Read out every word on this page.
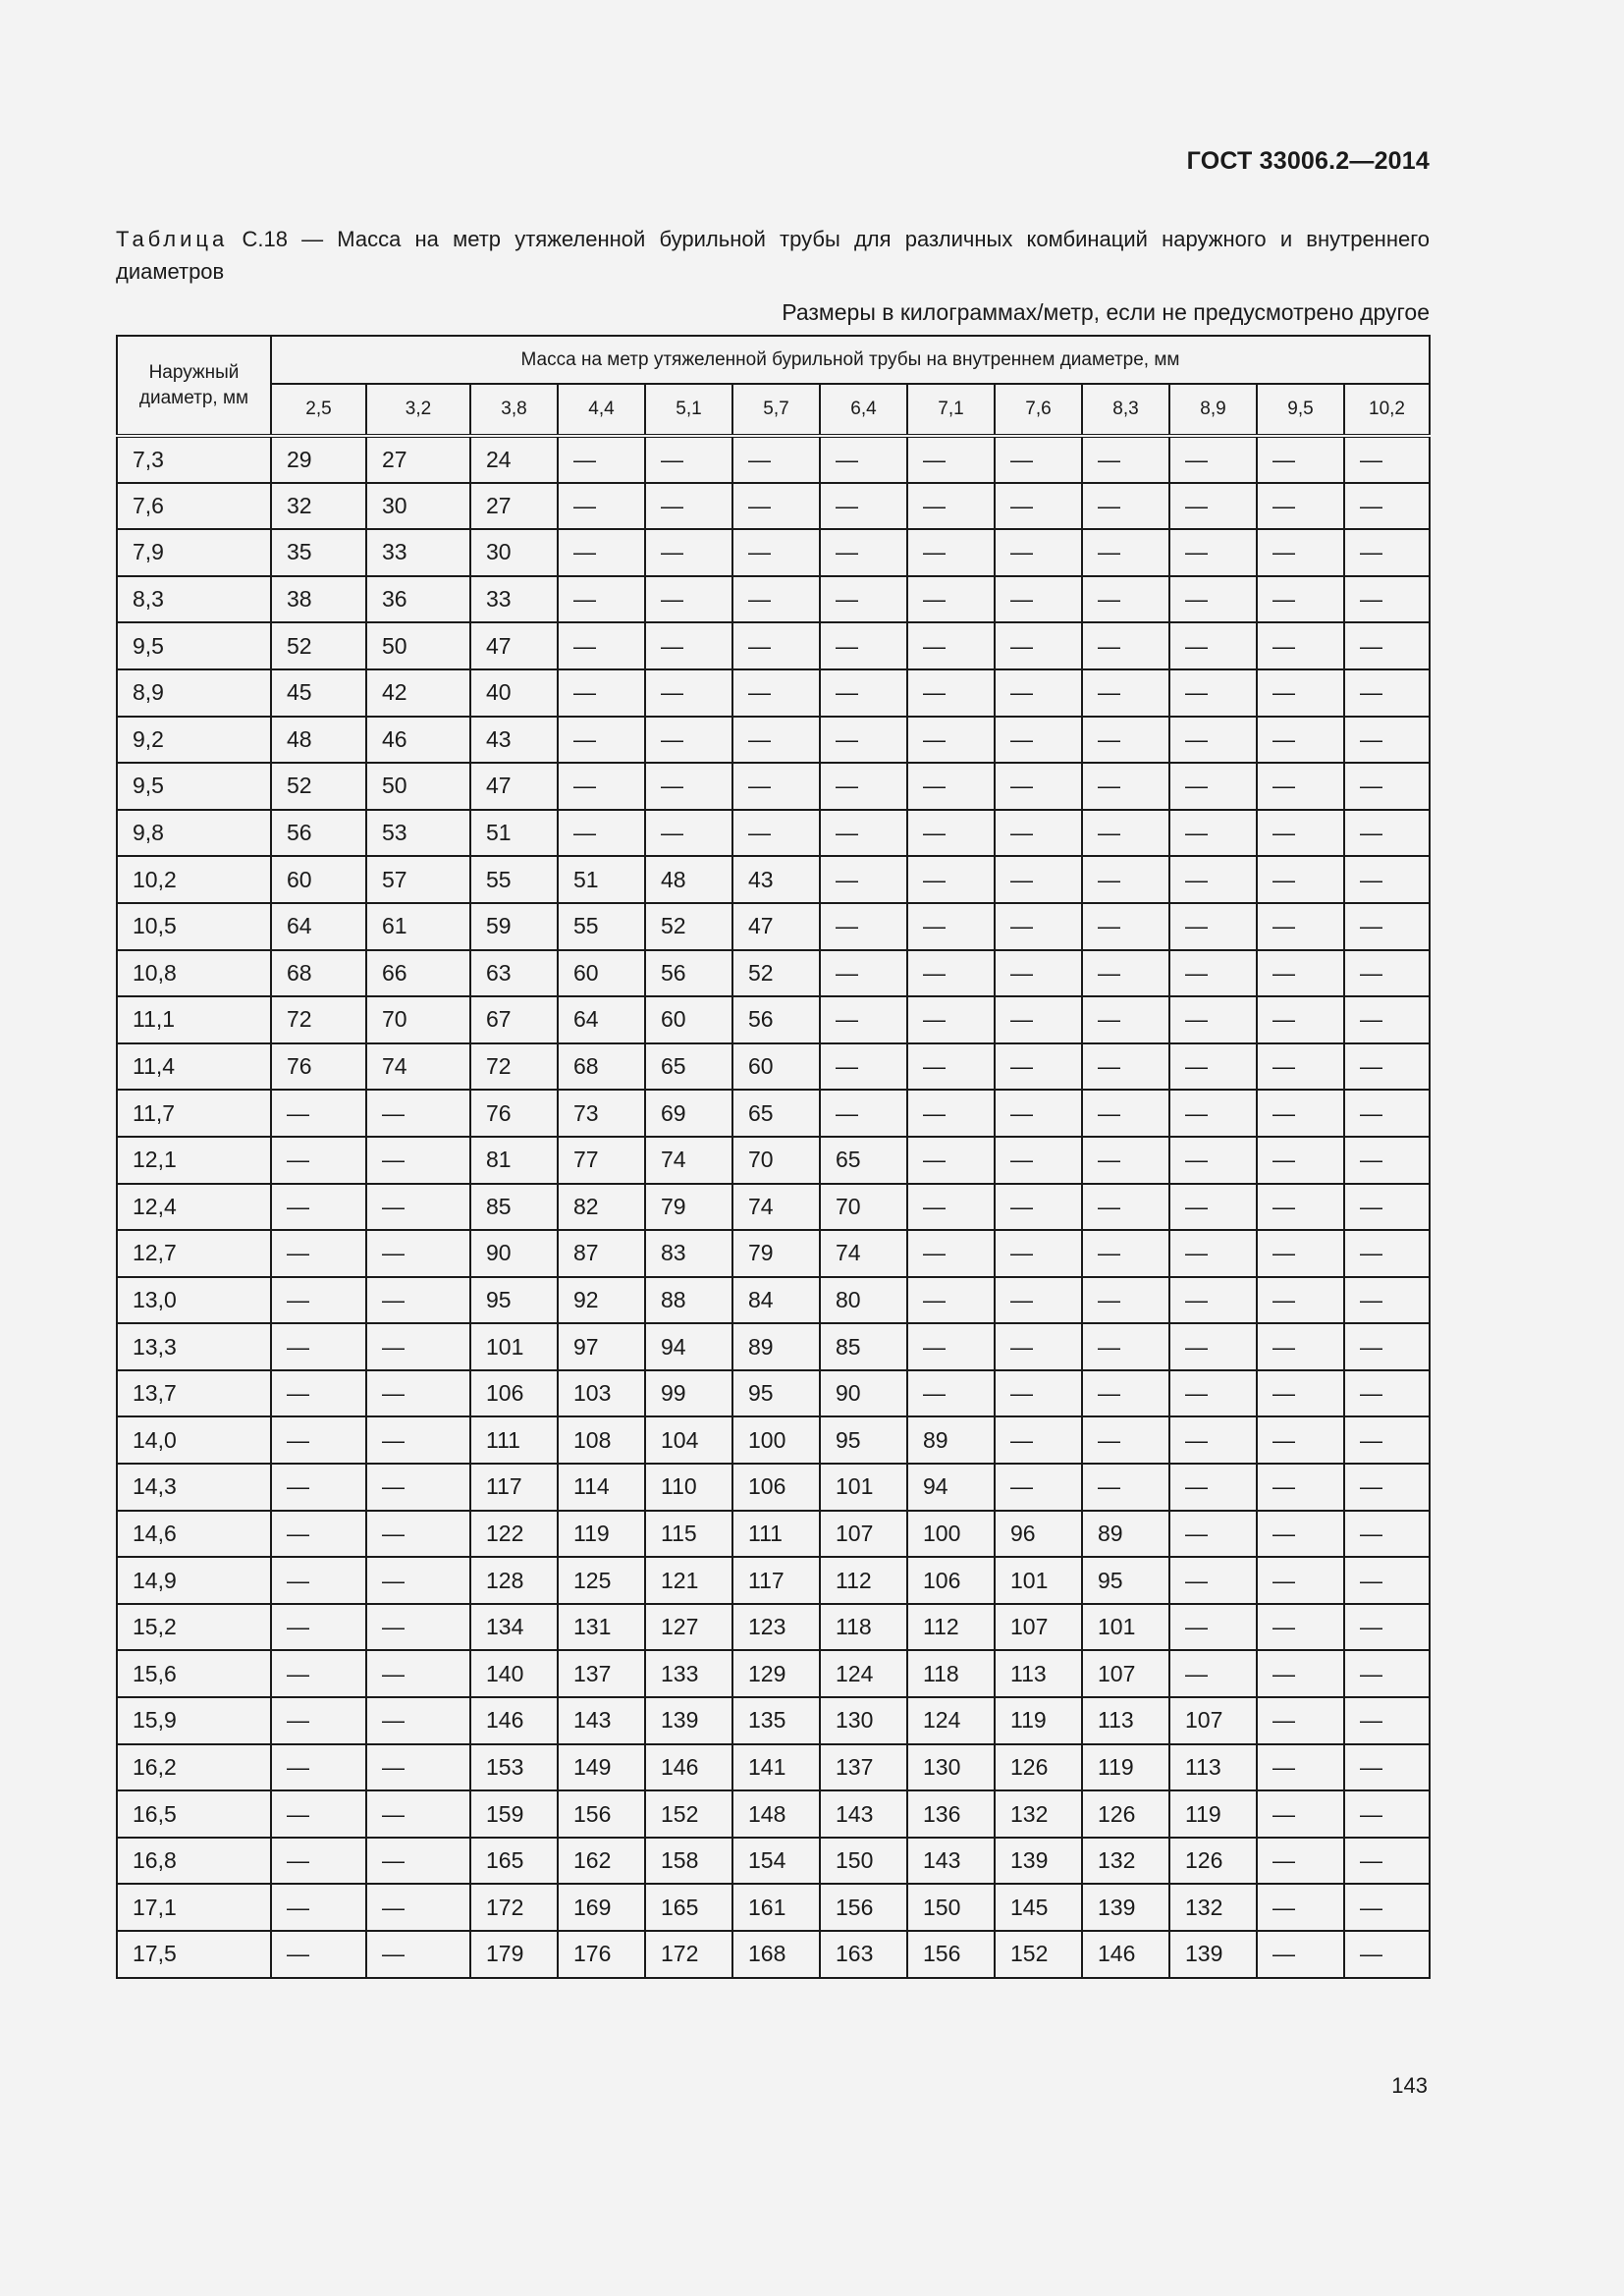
ГОСТ 33006.2—2014
Таблица С.18 — Масса на метр утяжеленной бурильной трубы для различных комбинаций наружного и внутреннего диаметров
Размеры в килограммах/метр, если не предусмотрено другое
Наружный диаметр, мм	Масса на метр утяжеленной бурильной трубы на внутреннем диаметре, мм												
	2,5	3,2	3,8	4,4	5,1	5,7	6,4	7,1	7,6	8,3	8,9	9,5	10,2
7,3	29	27	24	—	—	—	—	—	—	—	—	—	—
7,6	32	30	27	—	—	—	—	—	—	—	—	—	—
7,9	35	33	30	—	—	—	—	—	—	—	—	—	—
8,3	38	36	33	—	—	—	—	—	—	—	—	—	—
9,5	52	50	47	—	—	—	—	—	—	—	—	—	—
8,9	45	42	40	—	—	—	—	—	—	—	—	—	—
9,2	48	46	43	—	—	—	—	—	—	—	—	—	—
9,5	52	50	47	—	—	—	—	—	—	—	—	—	—
9,8	56	53	51	—	—	—	—	—	—	—	—	—	—
10,2	60	57	55	51	48	43	—	—	—	—	—	—	—
10,5	64	61	59	55	52	47	—	—	—	—	—	—	—
10,8	68	66	63	60	56	52	—	—	—	—	—	—	—
11,1	72	70	67	64	60	56	—	—	—	—	—	—	—
11,4	76	74	72	68	65	60	—	—	—	—	—	—	—
11,7	—	—	76	73	69	65	—	—	—	—	—	—	—
12,1	—	—	81	77	74	70	65	—	—	—	—	—	—
12,4	—	—	85	82	79	74	70	—	—	—	—	—	—
12,7	—	—	90	87	83	79	74	—	—	—	—	—	—
13,0	—	—	95	92	88	84	80	—	—	—	—	—	—
13,3	—	—	101	97	94	89	85	—	—	—	—	—	—
13,7	—	—	106	103	99	95	90	—	—	—	—	—	—
14,0	—	—	111	108	104	100	95	89	—	—	—	—	—
14,3	—	—	117	114	110	106	101	94	—	—	—	—	—
14,6	—	—	122	119	115	111	107	100	96	89	—	—	—
14,9	—	—	128	125	121	117	112	106	101	95	—	—	—
15,2	—	—	134	131	127	123	118	112	107	101	—	—	—
15,6	—	—	140	137	133	129	124	118	113	107	—	—	—
15,9	—	—	146	143	139	135	130	124	119	113	107	—	—
16,2	—	—	153	149	146	141	137	130	126	119	113	—	—
16,5	—	—	159	156	152	148	143	136	132	126	119	—	—
16,8	—	—	165	162	158	154	150	143	139	132	126	—	—
17,1	—	—	172	169	165	161	156	150	145	139	132	—	—
17,5	—	—	179	176	172	168	163	156	152	146	139	—	—
143
